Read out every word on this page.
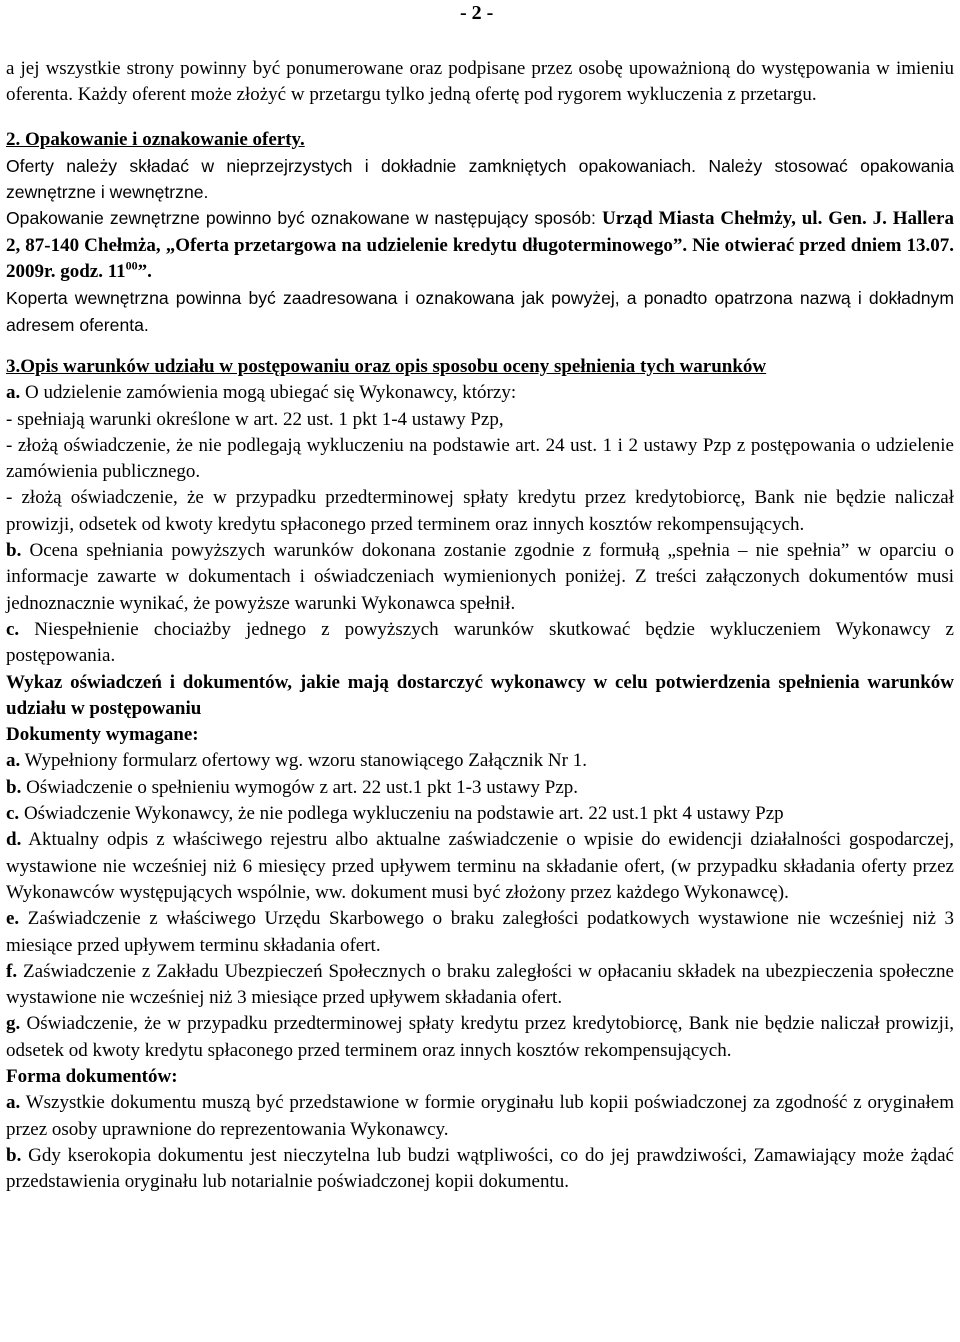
- 2 -

a jej wszystkie strony powinny być ponumerowane oraz podpisane przez osobę upoważnioną do występowania w imieniu oferenta. Każdy oferent może złożyć w przetargu tylko jedną ofertę pod rygorem wykluczenia z przetargu.

2. Opakowanie i oznakowanie oferty.

Oferty należy składać w nieprzejrzystych i dokładnie zamkniętych opakowaniach. Należy stosować opakowania zewnętrzne i wewnętrzne.

Opakowanie zewnętrzne powinno być oznakowane w następujący sposób: Urząd Miasta Chełmży, ul. Gen. J. Hallera 2, 87-140 Chełmża, „Oferta przetargowa na udzielenie kredytu długoterminowego”. Nie otwierać przed dniem 13.07. 2009r. godz. $11^{00}$”.

Koperta wewnętrzna powinna być zaadresowana i oznakowana jak powyżej, a ponadto opatrzona nazwą i dokładnym adresem oferenta.

3.Opis warunków udziału w postępowaniu oraz opis sposobu oceny spełnienia tych warunków

a. O udzielenie zamówienia mogą ubiegać się Wykonawcy, którzy:

- spełniają warunki określone w art. 22 ust. 1 pkt 1-4 ustawy Pzp,

- złożą oświadczenie, że nie podlegają wykluczeniu na podstawie art. 24 ust. 1 i 2 ustawy Pzp z postępowania o udzielenie zamówienia publicznego.

- złożą oświadczenie, że w przypadku przedterminowej spłaty kredytu przez kredytobiorcę, Bank nie będzie naliczał prowizji, odsetek od kwoty kredytu spłaconego przed terminem oraz innych kosztów rekompensujących.

b. Ocena spełniania powyższych warunków dokonana zostanie zgodnie z formułą „spełnia – nie spełnia” w oparciu o informacje zawarte w dokumentach i oświadczeniach wymienionych poniżej. Z treści załączonych dokumentów musi jednoznacznie wynikać, że powyższe warunki Wykonawca spełnił.

c. Niespełnienie chociażby jednego z powyższych warunków skutkować będzie wykluczeniem Wykonawcy z postępowania.

Wykaz oświadczeń i dokumentów, jakie mają dostarczyć wykonawcy w celu potwierdzenia spełnienia warunków udziału w postępowaniu

Dokumenty wymagane:

a. Wypełniony formularz ofertowy wg. wzoru stanowiącego Załącznik Nr 1.

b. Oświadczenie o spełnieniu wymogów z art. 22 ust.1 pkt 1-3 ustawy Pzp.

c. Oświadczenie Wykonawcy, że nie podlega wykluczeniu na podstawie art. 22 ust.1 pkt 4 ustawy Pzp

d. Aktualny odpis z właściwego rejestru albo aktualne zaświadczenie o wpisie do ewidencji działalności gospodarczej, wystawione nie wcześniej niż 6 miesięcy przed upływem terminu na składanie ofert, (w przypadku składania oferty przez Wykonawców występujących wspólnie, ww. dokument musi być złożony przez każdego Wykonawcę).

e. Zaświadczenie z właściwego Urzędu Skarbowego o braku zaległości podatkowych wystawione nie wcześniej niż 3 miesiące przed upływem terminu składania ofert.

f. Zaświadczenie z Zakładu Ubezpieczeń Społecznych o braku zaległości w opłacaniu składek na ubezpieczenia społeczne wystawione nie wcześniej niż 3 miesiące przed upływem składania ofert.

g. Oświadczenie, że w przypadku przedterminowej spłaty kredytu przez kredytobiorcę, Bank nie będzie naliczał prowizji, odsetek od kwoty kredytu spłaconego przed terminem oraz innych kosztów rekompensujących.

Forma dokumentów:

a. Wszystkie dokumentu muszą być przedstawione w formie oryginału lub kopii poświadczonej za zgodność z oryginałem przez osoby uprawnione do reprezentowania Wykonawcy.

b. Gdy kserokopia dokumentu jest nieczytelna lub budzi wątpliwości, co do jej prawdziwości, Zamawiający może żądać przedstawienia oryginału lub notarialnie poświadczonej kopii dokumentu.
